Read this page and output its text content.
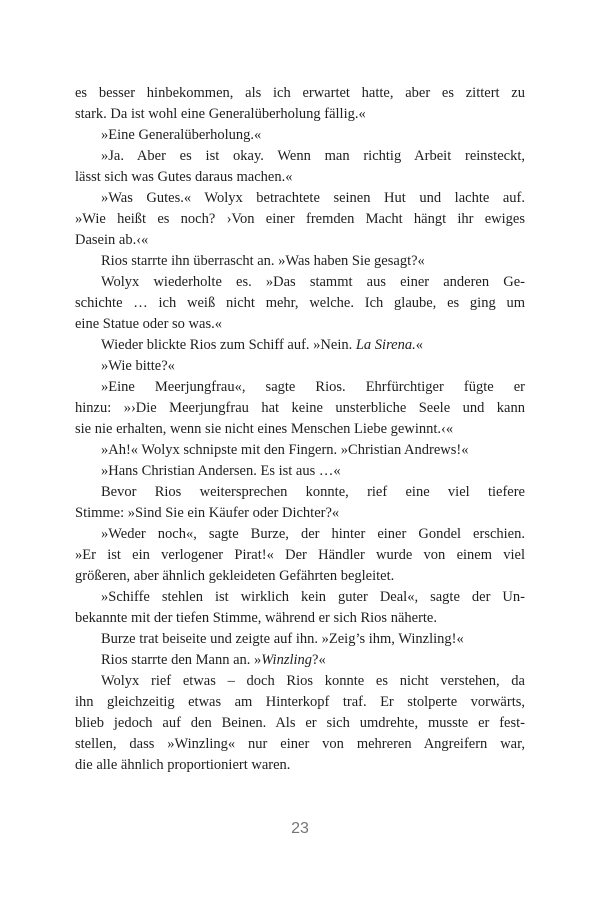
es besser hinbekommen, als ich erwartet hatte, aber es zittert zu
stark. Da ist wohl eine Generalüberholung fällig.«
»Eine Generalüberholung.«
»Ja. Aber es ist okay. Wenn man richtig Arbeit reinsteckt,
lässt sich was Gutes daraus machen.«
»Was Gutes.« Wolyx betrachtete seinen Hut und lachte auf.
»Wie heißt es noch? ›Von einer fremden Macht hängt ihr ewiges
Dasein ab.‹«
Rios starrte ihn überrascht an. »Was haben Sie gesagt?«
Wolyx wiederholte es. »Das stammt aus einer anderen Ge-
schichte … ich weiß nicht mehr, welche. Ich glaube, es ging um
eine Statue oder so was.«
Wieder blickte Rios zum Schiff auf. »Nein. La Sirena.«
»Wie bitte?«
»Eine Meerjungfrau«, sagte Rios. Ehrfürchtiger fügte er
hinzu: »›Die Meerjungfrau hat keine unsterbliche Seele und kann
sie nie erhalten, wenn sie nicht eines Menschen Liebe gewinnt.‹«
»Ah!« Wolyx schnipste mit den Fingern. »Christian Andrews!«
»Hans Christian Andersen. Es ist aus …«
Bevor Rios weitersprechen konnte, rief eine viel tiefere
Stimme: »Sind Sie ein Käufer oder Dichter?«
»Weder noch«, sagte Burze, der hinter einer Gondel erschien.
»Er ist ein verlogener Pirat!« Der Händler wurde von einem viel
größeren, aber ähnlich gekleideten Gefährten begleitet.
»Schiffe stehlen ist wirklich kein guter Deal«, sagte der Un-
bekannte mit der tiefen Stimme, während er sich Rios näherte.
Burze trat beiseite und zeigte auf ihn. »Zeig’s ihm, Winzling!«
Rios starrte den Mann an. »Winzling?«
Wolyx rief etwas – doch Rios konnte es nicht verstehen, da
ihn gleichzeitig etwas am Hinterkopf traf. Er stolperte vorwärts,
blieb jedoch auf den Beinen. Als er sich umdrehte, musste er fest-
stellen, dass »Winzling« nur einer von mehreren Angreifern war,
die alle ähnlich proportioniert waren.
23
